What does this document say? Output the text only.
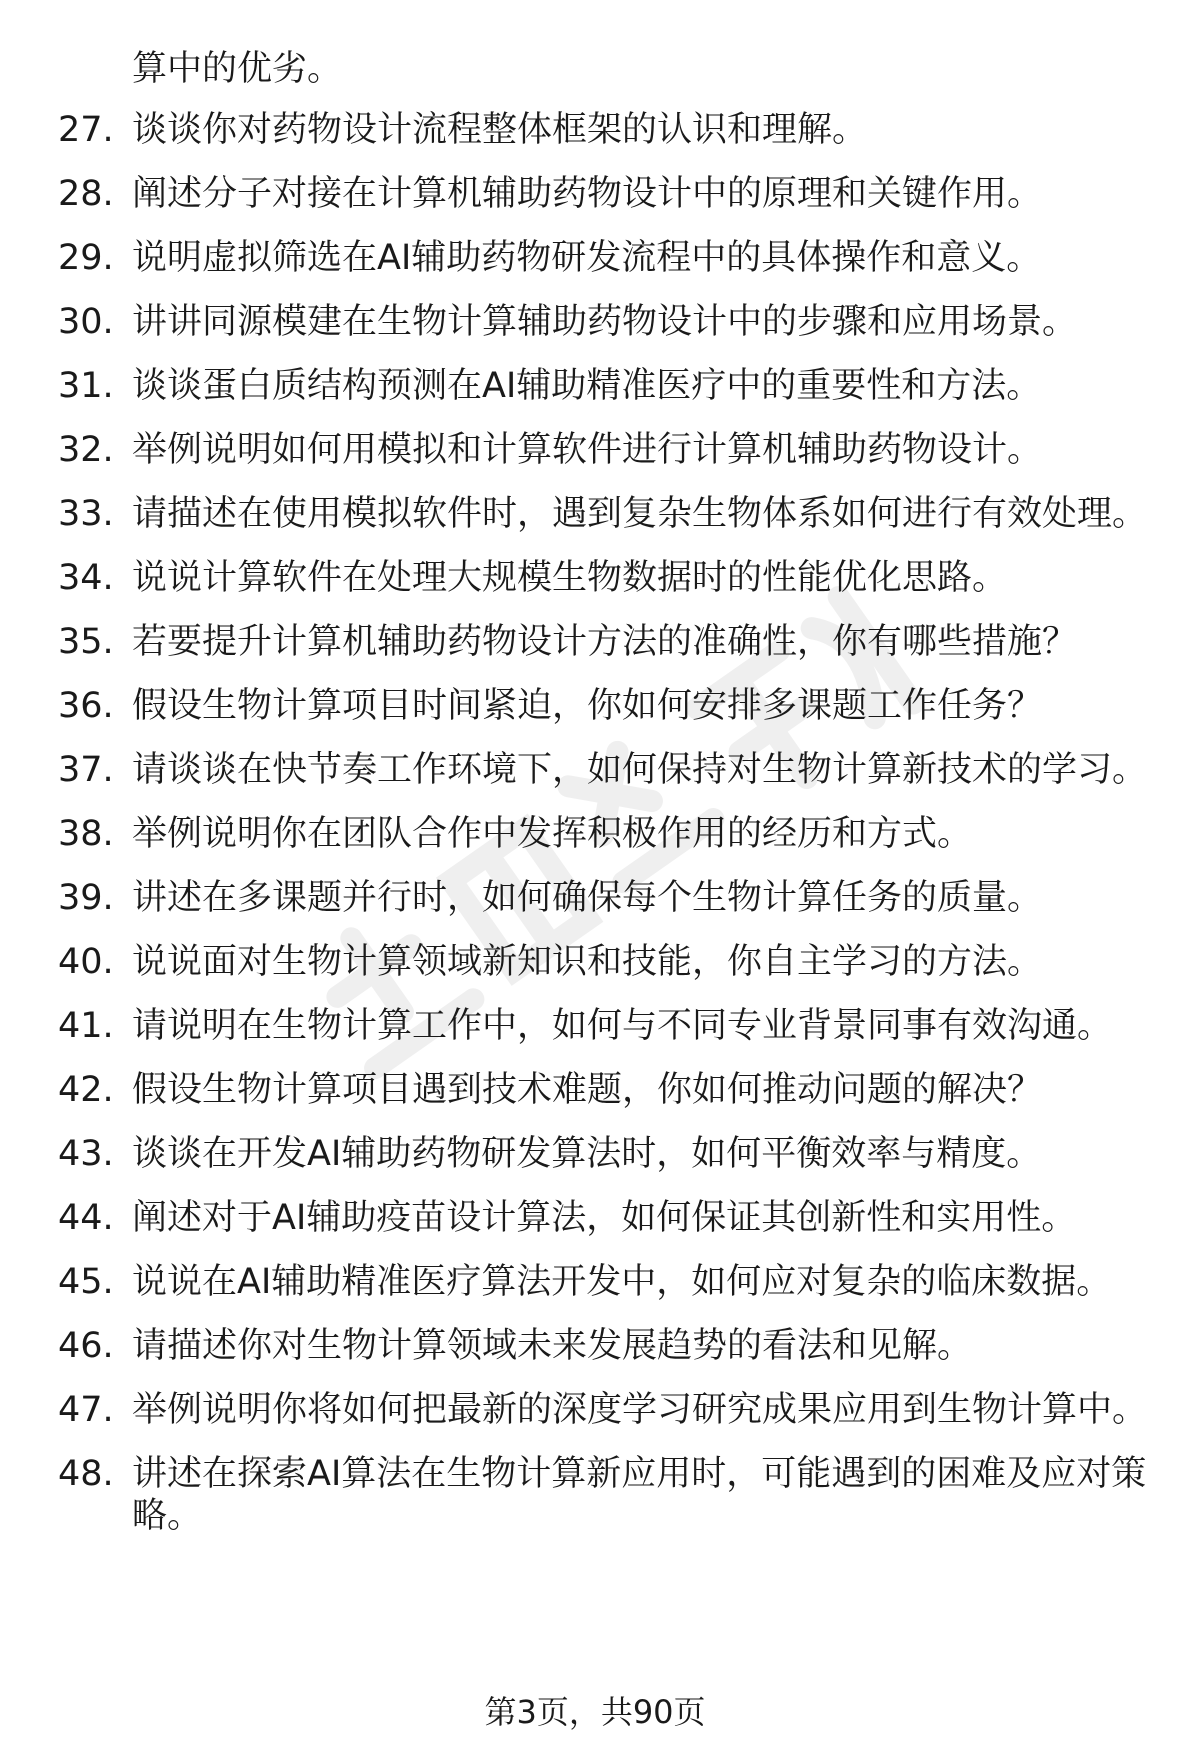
算中的优劣。
27. 谈谈你对药物设计流程整体框架的认识和理解。
28. 阐述分子对接在计算机辅助药物设计中的原理和关键作用。
29. 说明虚拟筛选在AI辅助药物研发流程中的具体操作和意义。
30. 讲讲同源模建在生物计算辅助药物设计中的步骤和应用场景。
31. 谈谈蛋白质结构预测在AI辅助精准医疗中的重要性和方法。
32. 举例说明如何用模拟和计算软件进行计算机辅助药物设计。
33. 请描述在使用模拟软件时，遇到复杂生物体系如何进行有效处理。
34. 说说计算软件在处理大规模生物数据时的性能优化思路。
35. 若要提升计算机辅助药物设计方法的准确性，你有哪些措施？
36. 假设生物计算项目时间紧迫，你如何安排多课题工作任务？
37. 请谈谈在快节奏工作环境下，如何保持对生物计算新技术的学习。
38. 举例说明你在团队合作中发挥积极作用的经历和方式。
39. 讲述在多课题并行时，如何确保每个生物计算任务的质量。
40. 说说面对生物计算领域新知识和技能，你自主学习的方法。
41. 请说明在生物计算工作中，如何与不同专业背景同事有效沟通。
42. 假设生物计算项目遇到技术难题，你如何推动问题的解决？
43. 谈谈在开发AI辅助药物研发算法时，如何平衡效率与精度。
44. 阐述对于AI辅助疫苗设计算法，如何保证其创新性和实用性。
45. 说说在AI辅助精准医疗算法开发中，如何应对复杂的临床数据。
46. 请描述你对生物计算领域未来发展趋势的看法和见解。
47. 举例说明你将如何把最新的深度学习研究成果应用到生物计算中。
48. 讲述在探索AI算法在生物计算新应用时，可能遇到的困难及应对策略。
第3页，共90页
